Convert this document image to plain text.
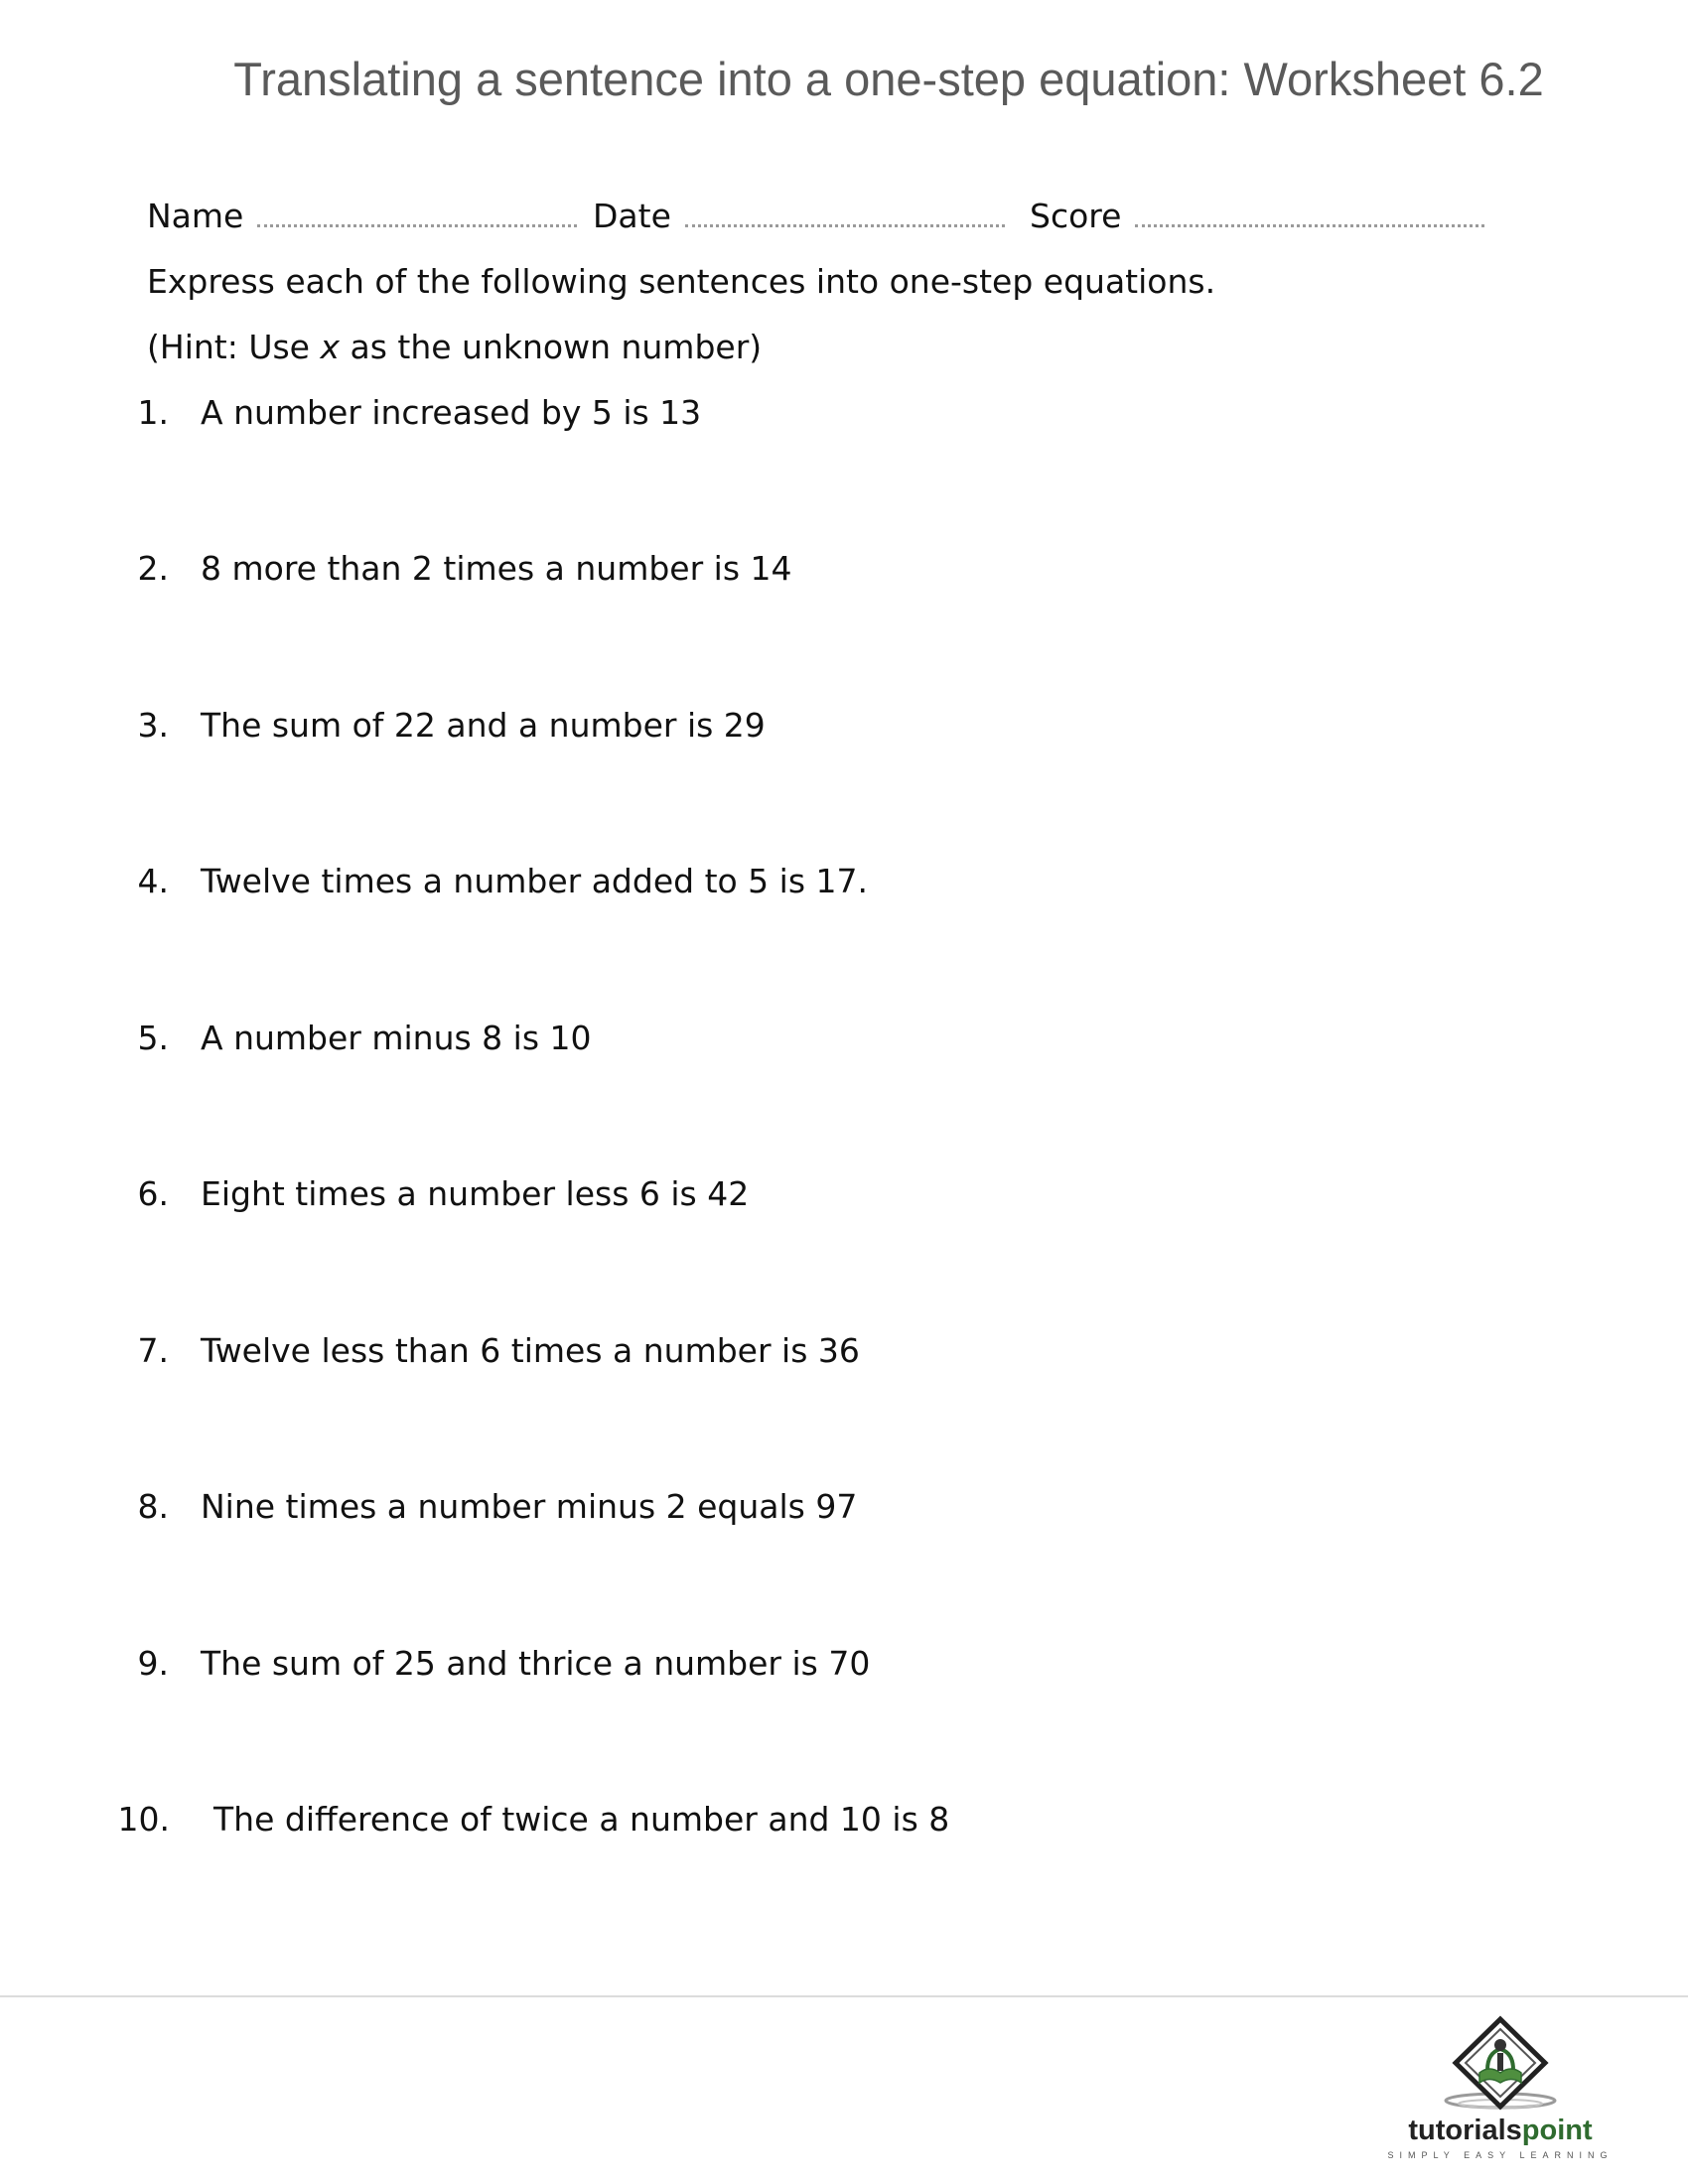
Translating a sentence into a one-step equation: Worksheet 6.2
Name	Date	Score
Express each of the following sentences into one-step equations.
(Hint: Use x as the unknown number)
1. A number increased by 5 is 13
2. 8 more than 2 times a number is 14
3. The sum of 22 and a number is 29
4. Twelve times a number added to 5 is 17.
5. A number minus 8 is 10
6. Eight times a number less 6 is 42
7. Twelve less than 6 times a number is 36
8. Nine times a number minus 2 equals 97
9. The sum of 25 and thrice a number is 70
10. The difference of twice a number and 10 is 8
tutorialspoint
SIMPLY EASY LEARNING
